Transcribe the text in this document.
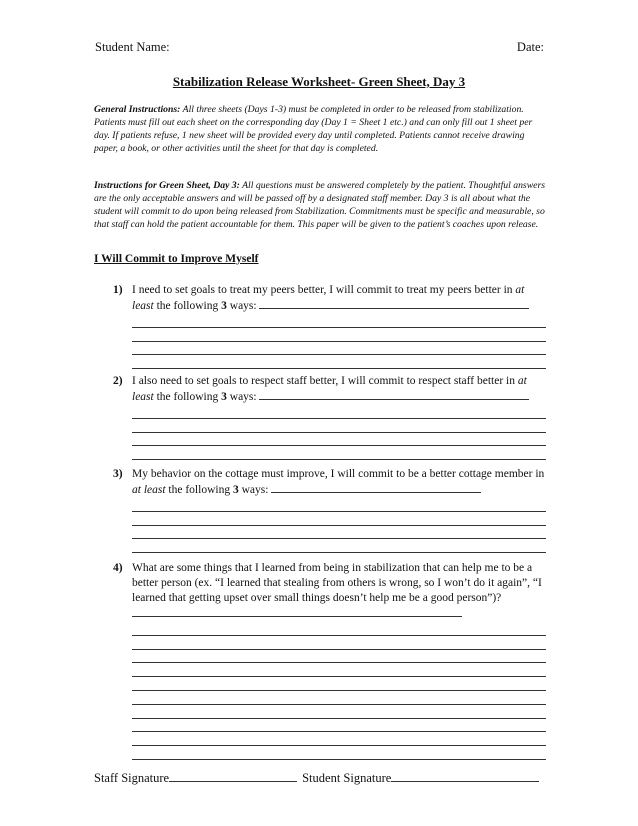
Student Name:	Date:
Stabilization Release Worksheet- Green Sheet, Day 3
General Instructions: All three sheets (Days 1-3) must be completed in order to be released from stabilization. Patients must fill out each sheet on the corresponding day (Day 1 = Sheet 1 etc.) and can only fill out 1 sheet per day. If patients refuse, 1 new sheet will be provided every day until completed. Patients cannot receive drawing paper, a book, or other activities until the sheet for that day is completed.
Instructions for Green Sheet, Day 3: All questions must be answered completely by the patient. Thoughtful answers are the only acceptable answers and will be passed off by a designated staff member. Day 3 is all about what the student will commit to do upon being released from Stabilization. Commitments must be specific and measurable, so that staff can hold the patient accountable for them. This paper will be given to the patient’s coaches upon release.
I Will Commit to Improve Myself
1) I need to set goals to treat my peers better, I will commit to treat my peers better in at least the following 3 ways:
2) I also need to set goals to respect staff better, I will commit to respect staff better in at least the following 3 ways:
3) My behavior on the cottage must improve, I will commit to be a better cottage member in at least the following 3 ways:
4) What are some things that I learned from being in stabilization that can help me to be a better person (ex. “I learned that stealing from others is wrong, so I won’t do it again”, “I learned that getting upset over small things doesn’t help me be a good person”)?
Staff Signature	Student Signature
